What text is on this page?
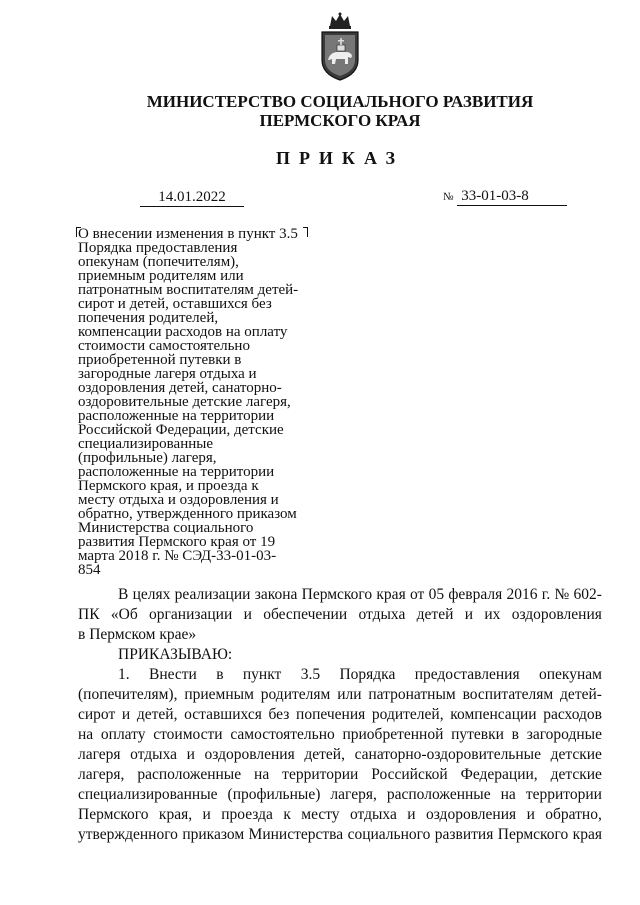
МИНИСТЕРСТВО СОЦИАЛЬНОГО РАЗВИТИЯ
ПЕРМСКОГО КРАЯ
ПРИКАЗ
14.01.2022	№ 33-01-03-8
О внесении изменения в пункт 3.5
Порядка предоставления
опекунам (попечителям),
приемным родителям или
патронатным воспитателям детей-
сирот и детей, оставшихся без
попечения родителей,
компенсации расходов на оплату
стоимости самостоятельно
приобретенной путевки в
загородные лагеря отдыха и
оздоровления детей, санаторно-
оздоровительные детские лагеря,
расположенные на территории
Российской Федерации, детские
специализированные
(профильные) лагеря,
расположенные на территории
Пермского края, и проезда к
месту отдыха и оздоровления и
обратно, утвержденного приказом
Министерства социального
развития Пермского края от 19
марта 2018 г. № СЭД-33-01-03-
854
В целях реализации закона Пермского края от 05 февраля 2016 г. № 602-
ПК «Об организации и обеспечении отдыха детей и их оздоровления
в Пермском крае»

ПРИКАЗЫВАЮ:

1. Внести в пункт 3.5 Порядка предоставления опекунам
(попечителям), приемным родителям или патронатным воспитателям детей-
сирот и детей, оставшихся без попечения родителей, компенсации расходов
на оплату стоимости самостоятельно приобретенной путевки в загородные
лагеря отдыха и оздоровления детей, санаторно-оздоровительные детские
лагеря, расположенные на территории Российской Федерации, детские
специализированные (профильные) лагеря, расположенные на территории
Пермского края, и проезда к месту отдыха и оздоровления и обратно,
утвержденного приказом Министерства социального развития Пермского края
